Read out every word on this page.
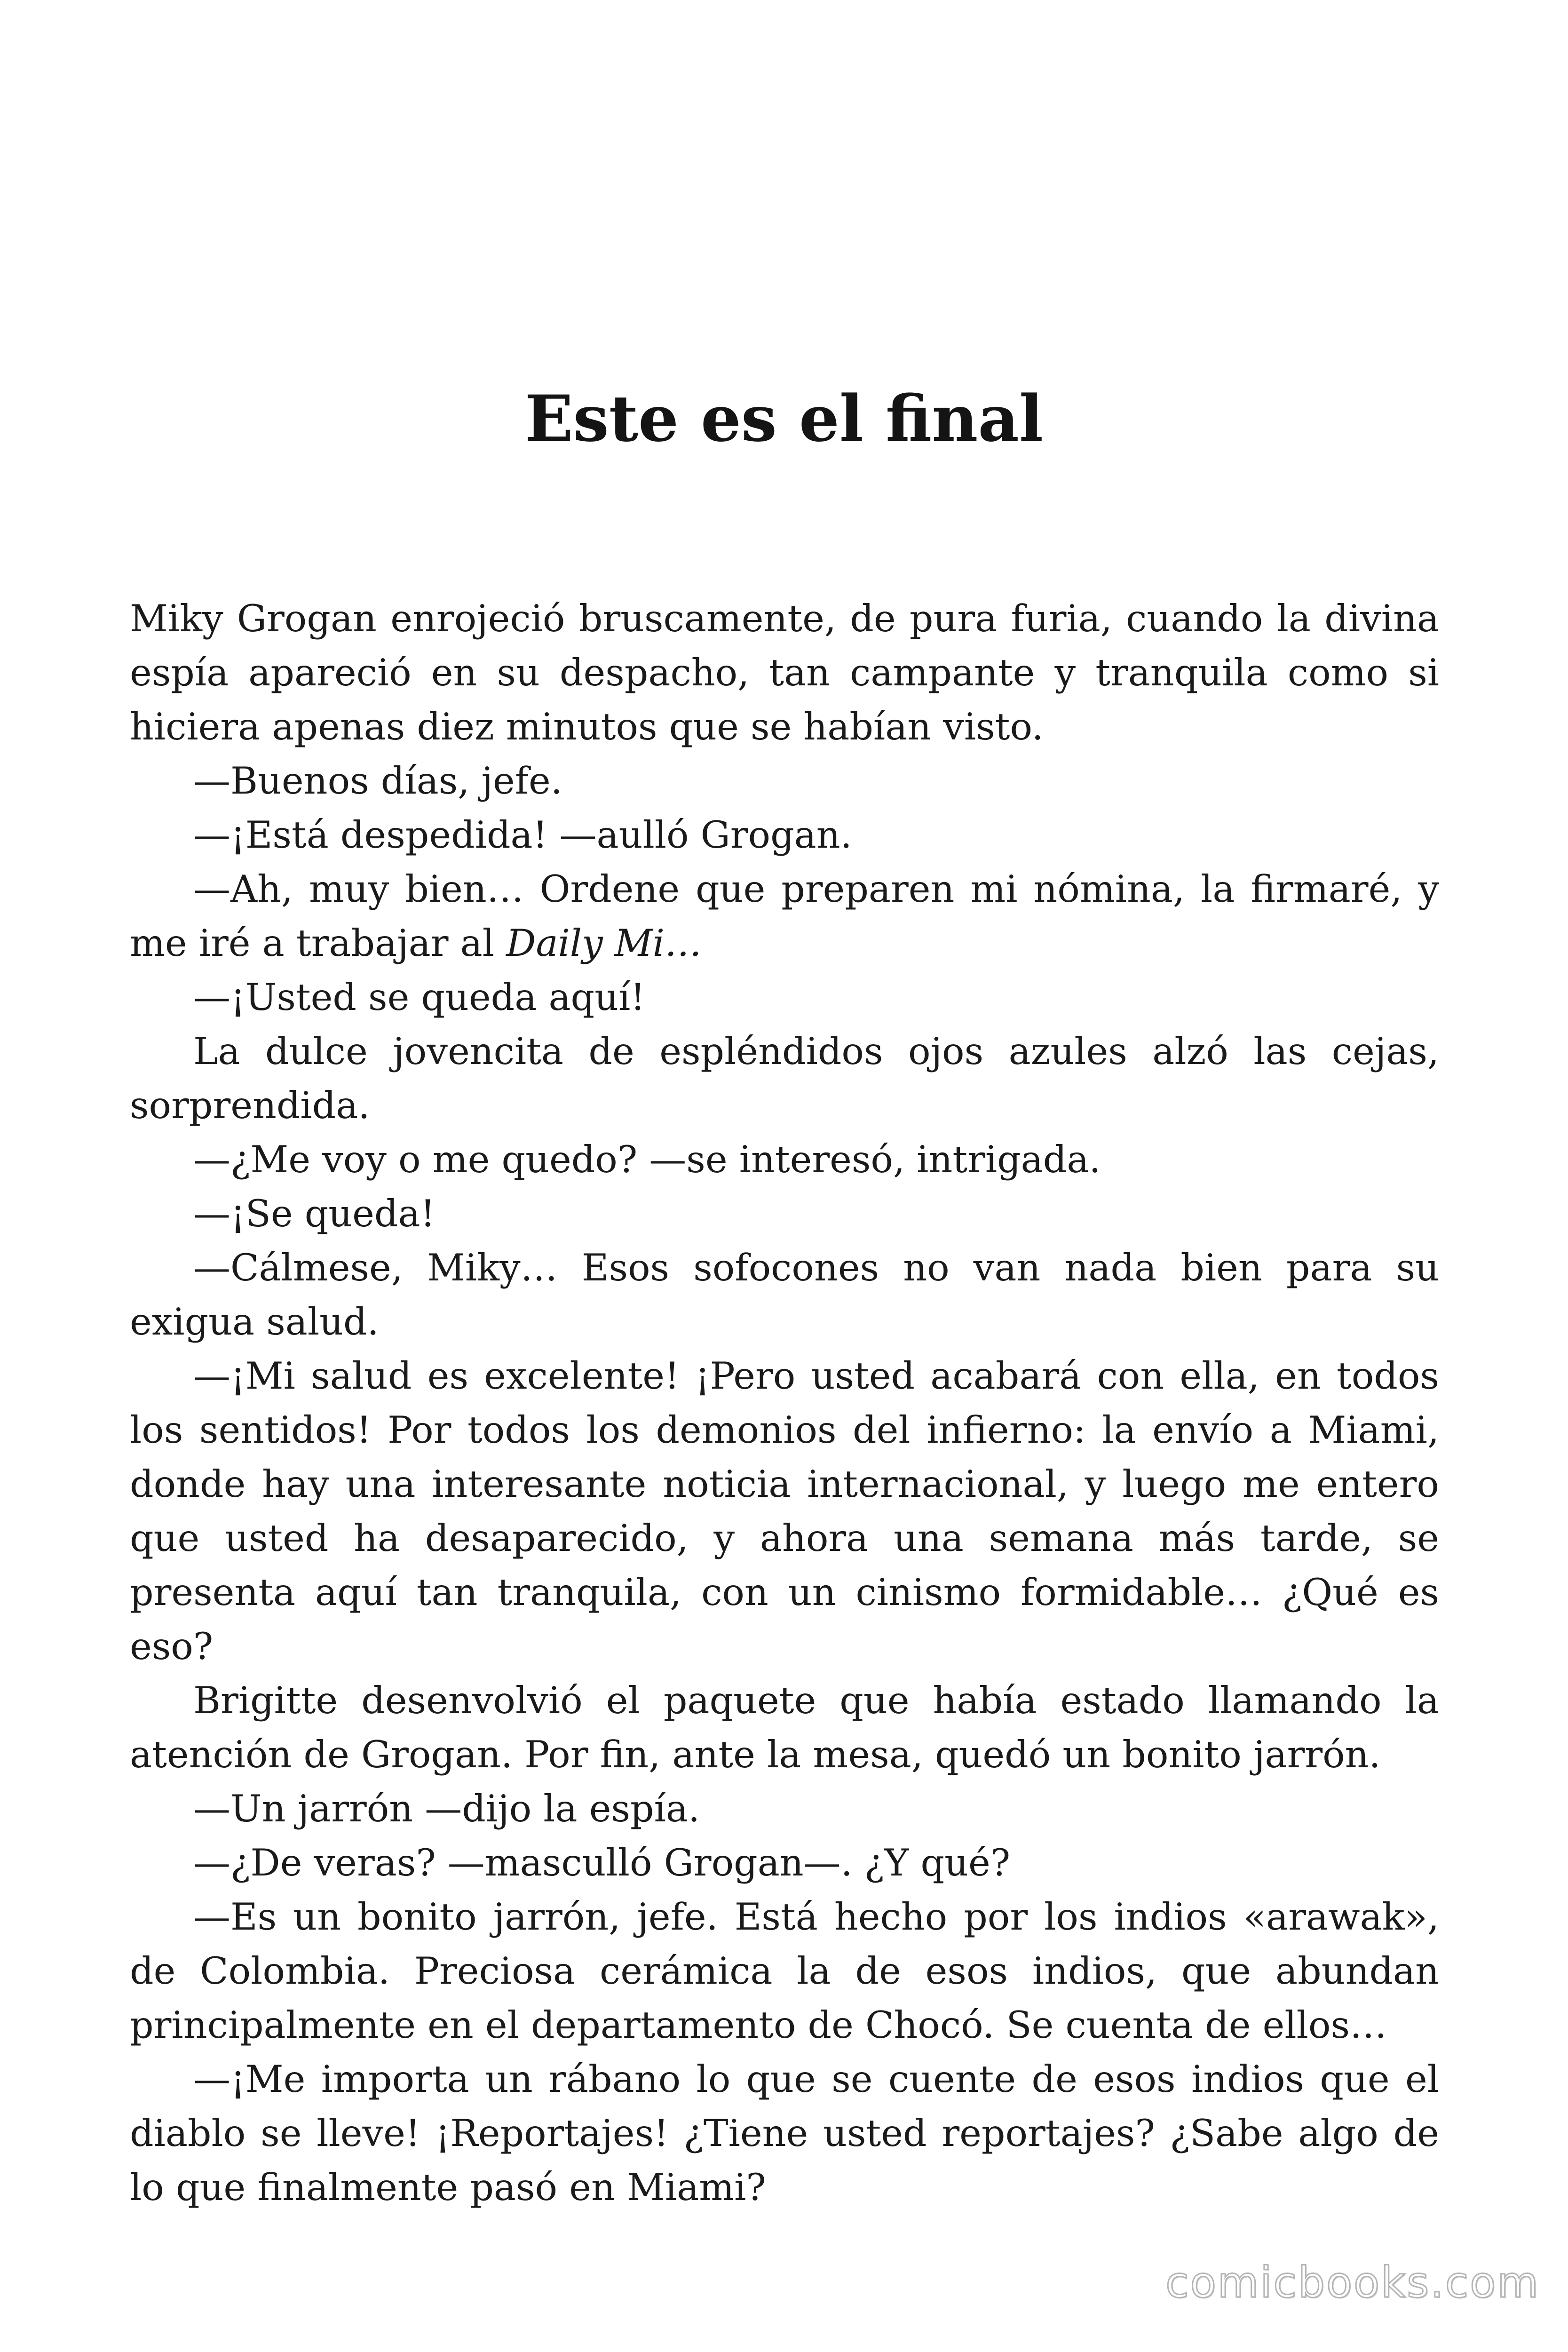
Este es el final

Miky Grogan enrojeció bruscamente, de pura furia, cuando la divina espía apareció en su despacho, tan campante y tranquila como si hiciera apenas diez minutos que se habían visto.

—Buenos días, jefe.

—¡Está despedida! —aulló Grogan.

—Ah, muy bien… Ordene que preparen mi nómina, la firmaré, y me iré a trabajar al Daily Mi…

—¡Usted se queda aquí!

La dulce jovencita de espléndidos ojos azules alzó las cejas, sorprendida.

—¿Me voy o me quedo? —se interesó, intrigada.

—¡Se queda!

—Cálmese, Miky… Esos sofocones no van nada bien para su exigua salud.

—¡Mi salud es excelente! ¡Pero usted acabará con ella, en todos los sentidos! Por todos los demonios del infierno: la envío a Miami, donde hay una interesante noticia internacional, y luego me entero que usted ha desaparecido, y ahora una semana más tarde, se presenta aquí tan tranquila, con un cinismo formidable… ¿Qué es eso?

Brigitte desenvolvió el paquete que había estado llamando la atención de Grogan. Por fin, ante la mesa, quedó un bonito jarrón.

—Un jarrón —dijo la espía.

—¿De veras? —masculló Grogan—. ¿Y qué?

—Es un bonito jarrón, jefe. Está hecho por los indios «arawak», de Colombia. Preciosa cerámica la de esos indios, que abundan principalmente en el departamento de Chocó. Se cuenta de ellos…

—¡Me importa un rábano lo que se cuente de esos indios que el diablo se lleve! ¡Reportajes! ¿Tiene usted reportajes? ¿Sabe algo de lo que finalmente pasó en Miami?

comicbooks.com
